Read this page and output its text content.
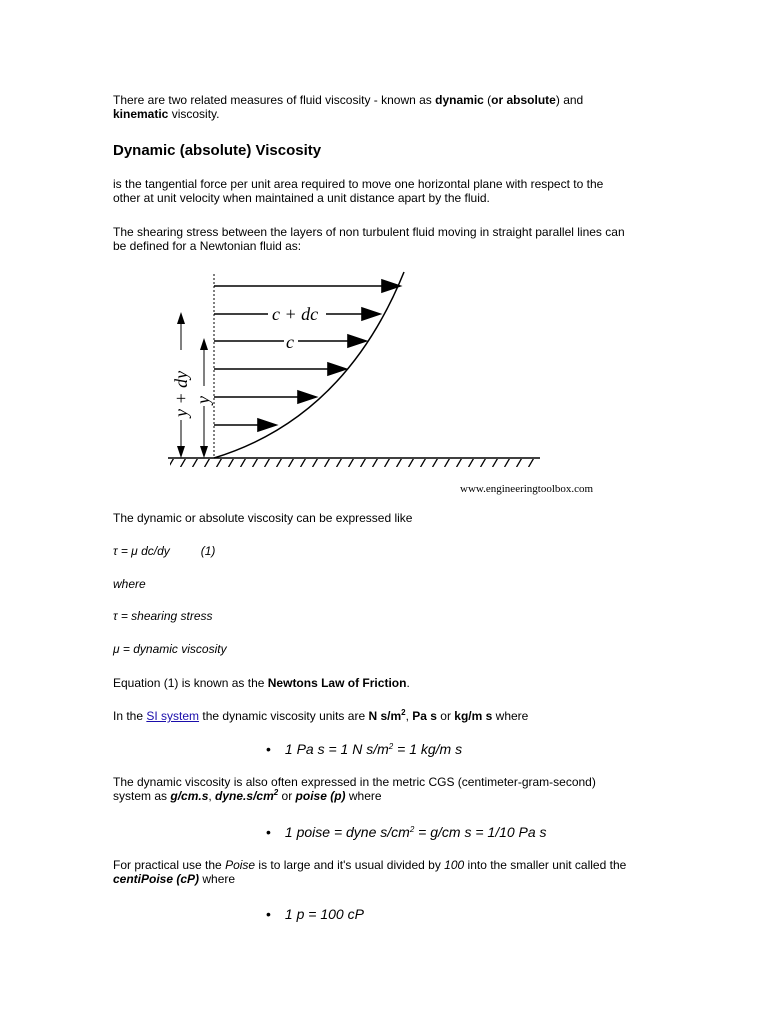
There are two related measures of fluid viscosity - known as dynamic (or absolute) and
kinematic viscosity.

Dynamic (absolute) Viscosity

is the tangential force per unit area required to move one horizontal plane with respect to the
other at unit velocity when maintained a unit distance apart by the fluid.

The shearing stress between the layers of non turbulent fluid moving in straight parallel lines can
be defined for a Newtonian fluid as:

c + dc
c
y + dy y
www.engineeringtoolbox.com

The dynamic or absolute viscosity can be expressed like

τ = μ dc/dy	(1)

where

τ = shearing stress

μ = dynamic viscosity

Equation (1) is known as the Newtons Law of Friction.

In the SI system the dynamic viscosity units are N $s/m^2$, Pa s or kg/m s where

• 1 Pa s = 1 N $s/m^2 = 1$ kg/m s

The dynamic viscosity is also often expressed in the metric CGS (centimeter-gram-second)
system as g/cm.s, $dyne.s/cm^2$ or poise (p) where

• 1 poise = dyne $s/cm^2 = g/cm$ s = 1/10 Pa s

For practical use the Poise is to large and it's usual divided by 100 into the smaller unit called the
centiPoise (cP) where

• 1 p = 100 cP
